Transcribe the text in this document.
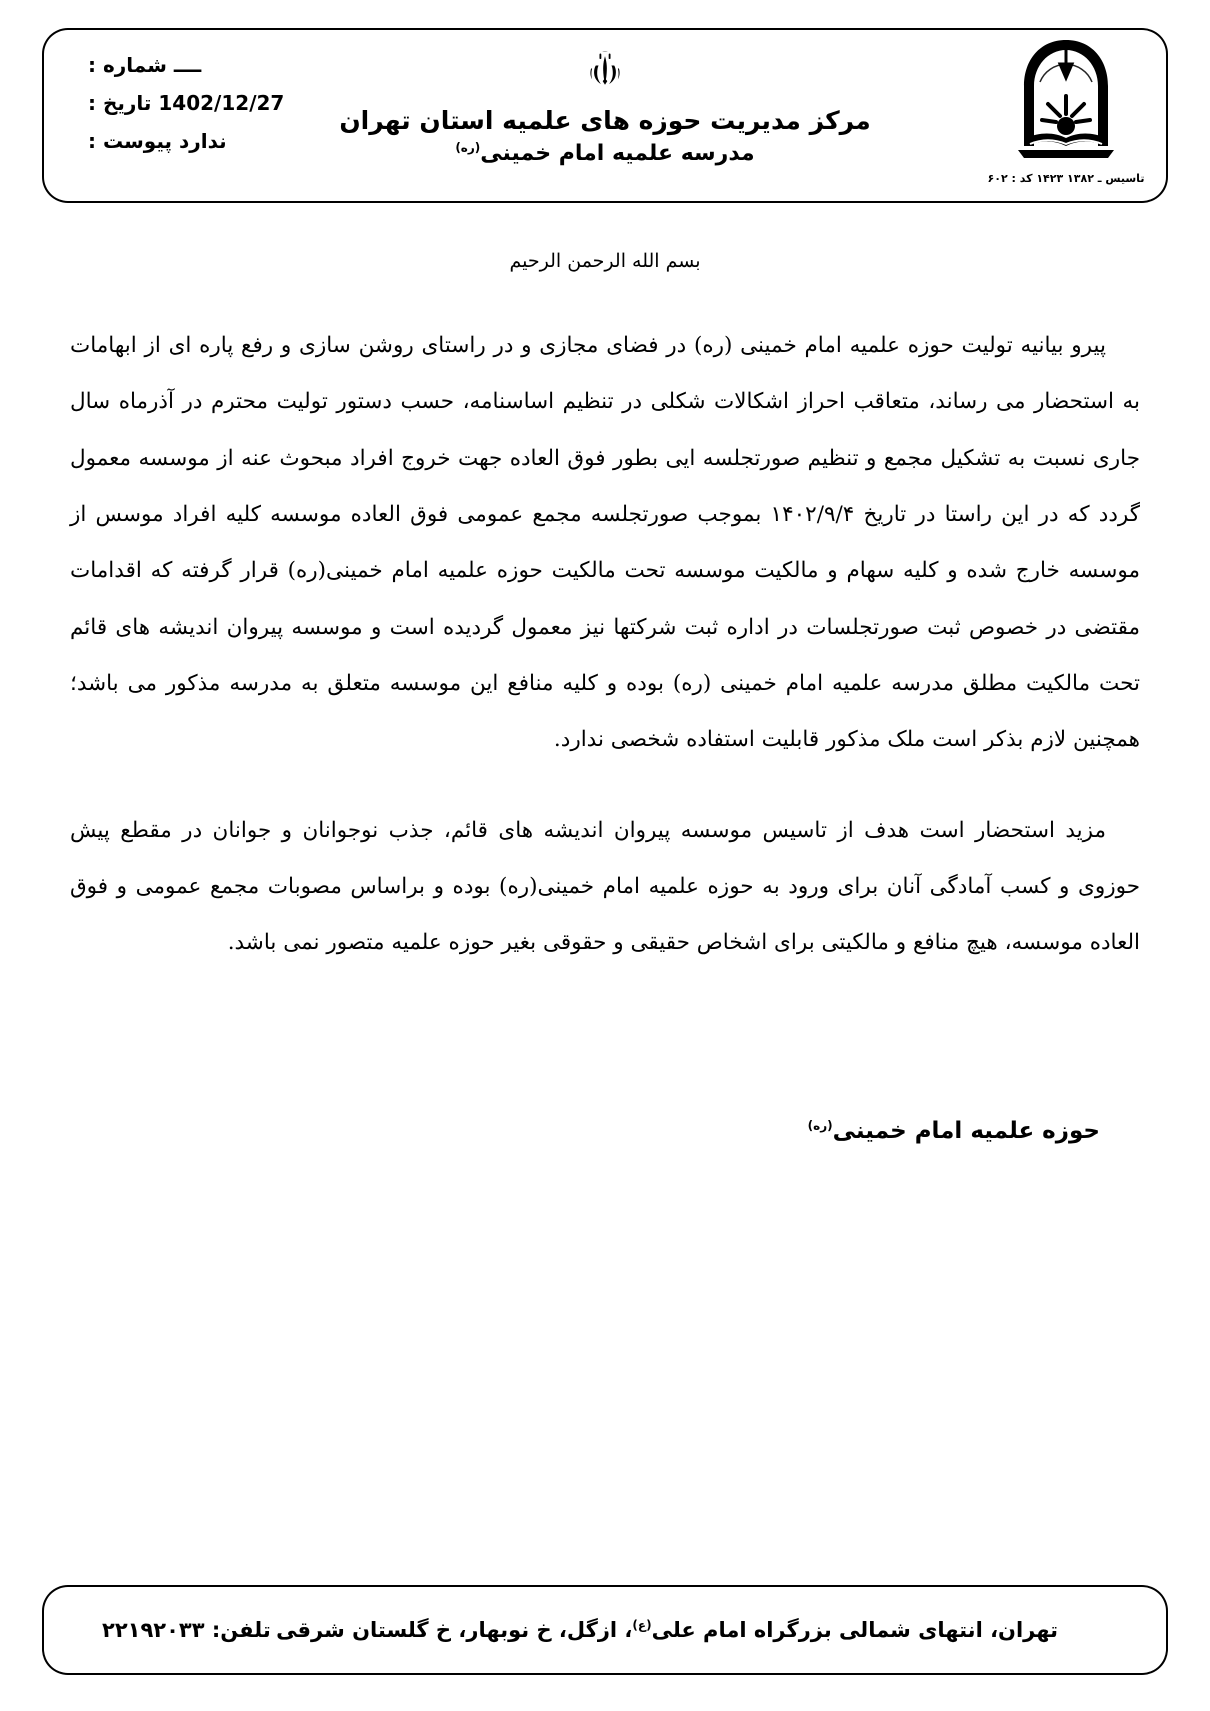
ــــ شماره :
1402/12/27 تاریخ :
ندارد پیوست :
مرکز مدیریت حوزه های علمیه استان تهران
مدرسه علمیه امام خمینی$^{(ره)}$
تاسیس ـ ۱۳۸۲ ۱۴۲۳ کد : ۶۰۲
بسم الله الرحمن الرحیم

پیرو بیانیه تولیت حوزه علمیه امام خمینی (ره) در فضای مجازی و در راستای روشن سازی و رفع پاره ای از ابهامات به استحضار می رساند، متعاقب احراز اشکالات شکلی در تنظیم اساسنامه، حسب دستور تولیت محترم در آذرماه سال جاری نسبت به تشکیل مجمع و تنظیم صورتجلسه ایی بطور فوق العاده جهت خروج افراد مبحوث عنه از موسسه معمول گردد که در این راستا در تاریخ ۱۴۰۲/۹/۴ بموجب صورتجلسه مجمع عمومی فوق العاده موسسه کلیه افراد موسس از موسسه خارج شده و کلیه سهام و مالکیت موسسه تحت مالکیت حوزه علمیه امام خمینی(ره) قرار گرفته که اقدامات مقتضی در خصوص ثبت صورتجلسات در اداره ثبت شرکتها نیز معمول گردیده است و موسسه پیروان اندیشه های قائم تحت مالکیت مطلق مدرسه علمیه امام خمینی (ره) بوده و کلیه منافع این موسسه متعلق به مدرسه مذکور می باشد؛ همچنین لازم بذکر است ملک مذکور قابلیت استفاده شخصی ندارد.

مزید استحضار است هدف از تاسیس موسسه پیروان اندیشه های قائم، جذب نوجوانان و جوانان در مقطع پیش حوزوی و کسب آمادگی آنان برای ورود به حوزه علمیه امام خمینی(ره) بوده و براساس مصوبات مجمع عمومی و فوق العاده موسسه، هیچ منافع و مالکیتی برای اشخاص حقیقی و حقوقی بغیر حوزه علمیه متصور نمی باشد.

حوزه علمیه امام خمینی$^{(ره)}$
تهران، انتهای شمالی بزرگراه امام علی$^{(ع)}$، ازگل، خ نوبهار، خ گلستان شرقی
تلفن: ۲۲۱۹۲۰۳۳
